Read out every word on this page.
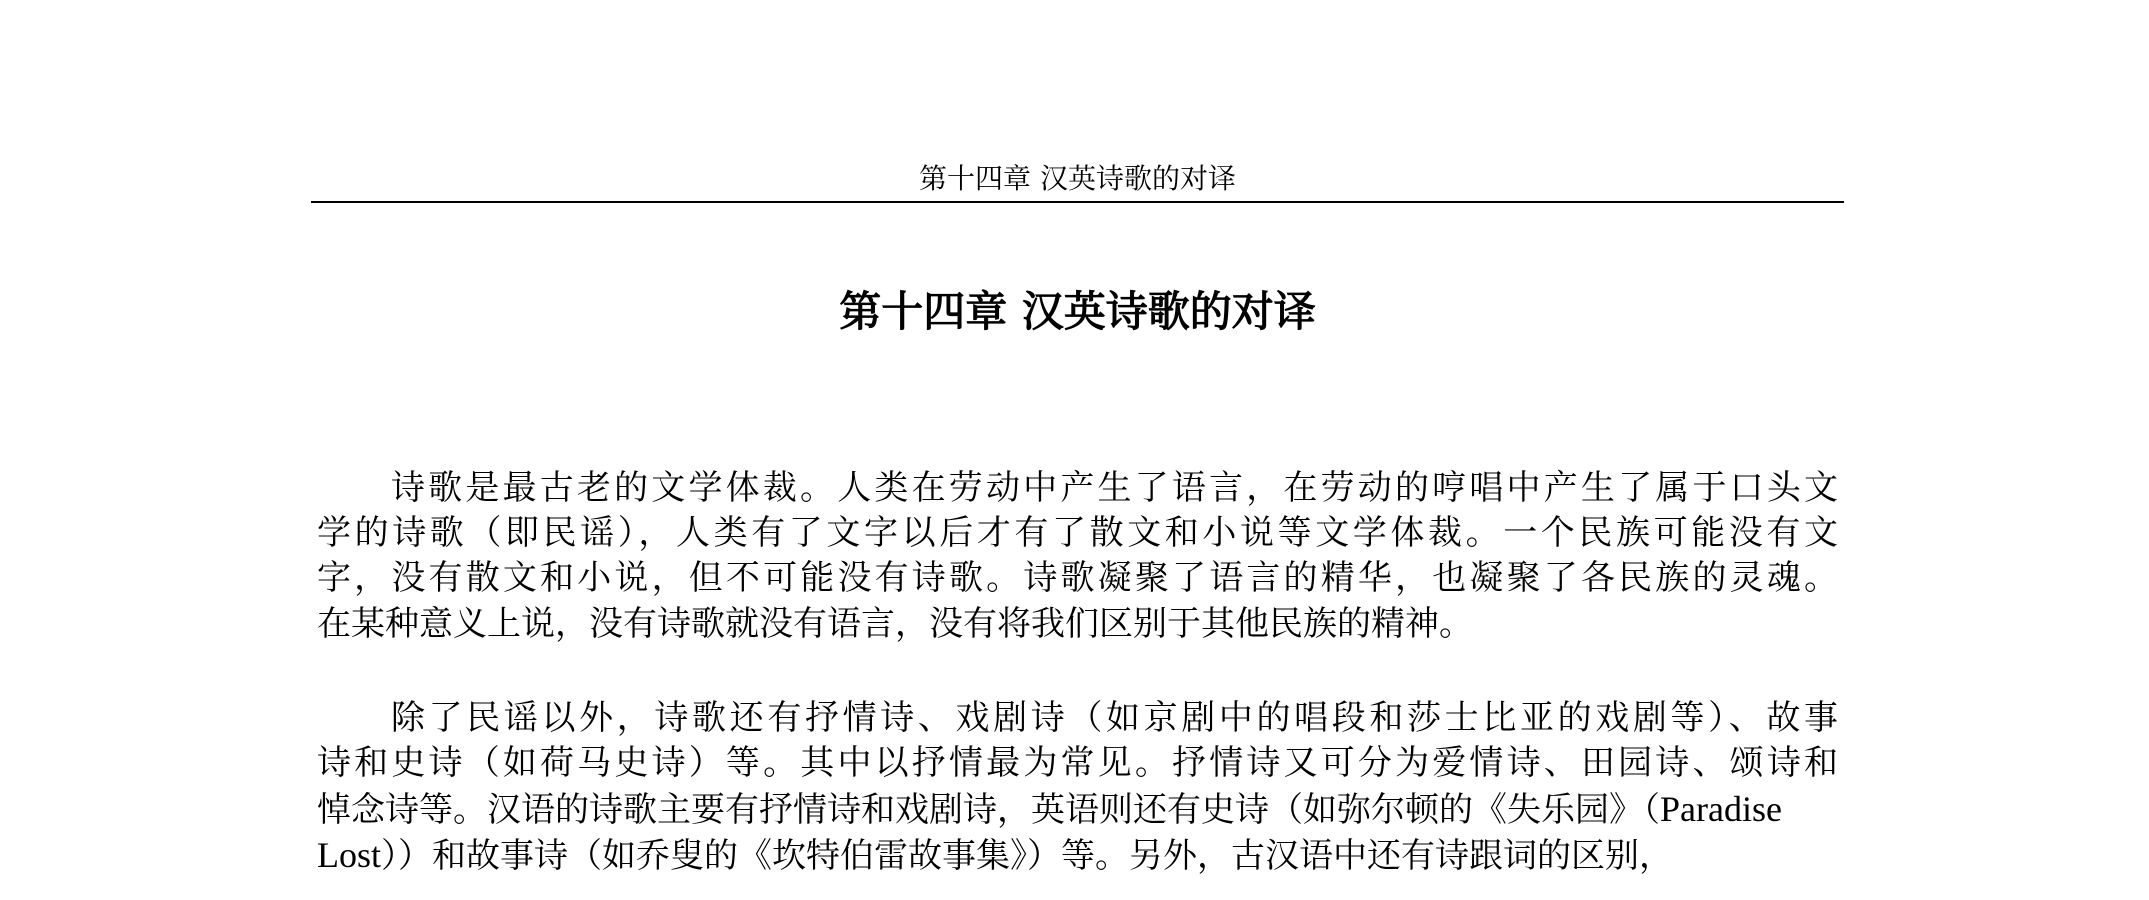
第十四章 汉英诗歌的对译
第十四章 汉英诗歌的对译
诗歌是最古老的文学体裁。人类在劳动中产生了语言，在劳动的哼唱中产生了属于口头文
学的诗歌（即民谣），人类有了文字以后才有了散文和小说等文学体裁。一个民族可能没有文
字，没有散文和小说，但不可能没有诗歌。诗歌凝聚了语言的精华，也凝聚了各民族的灵魂。
在某种意义上说，没有诗歌就没有语言，没有将我们区别于其他民族的精神。
除了民谣以外，诗歌还有抒情诗、戏剧诗（如京剧中的唱段和莎士比亚的戏剧等）、故事
诗和史诗（如荷马史诗）等。其中以抒情最为常见。抒情诗又可分为爱情诗、田园诗、颂诗和
悼念诗等。汉语的诗歌主要有抒情诗和戏剧诗，英语则还有史诗（如弥尔顿的《失乐园》（Paradise
Lost））和故事诗（如乔叟的《坎特伯雷故事集》）等。另外，古汉语中还有诗跟词的区别，
